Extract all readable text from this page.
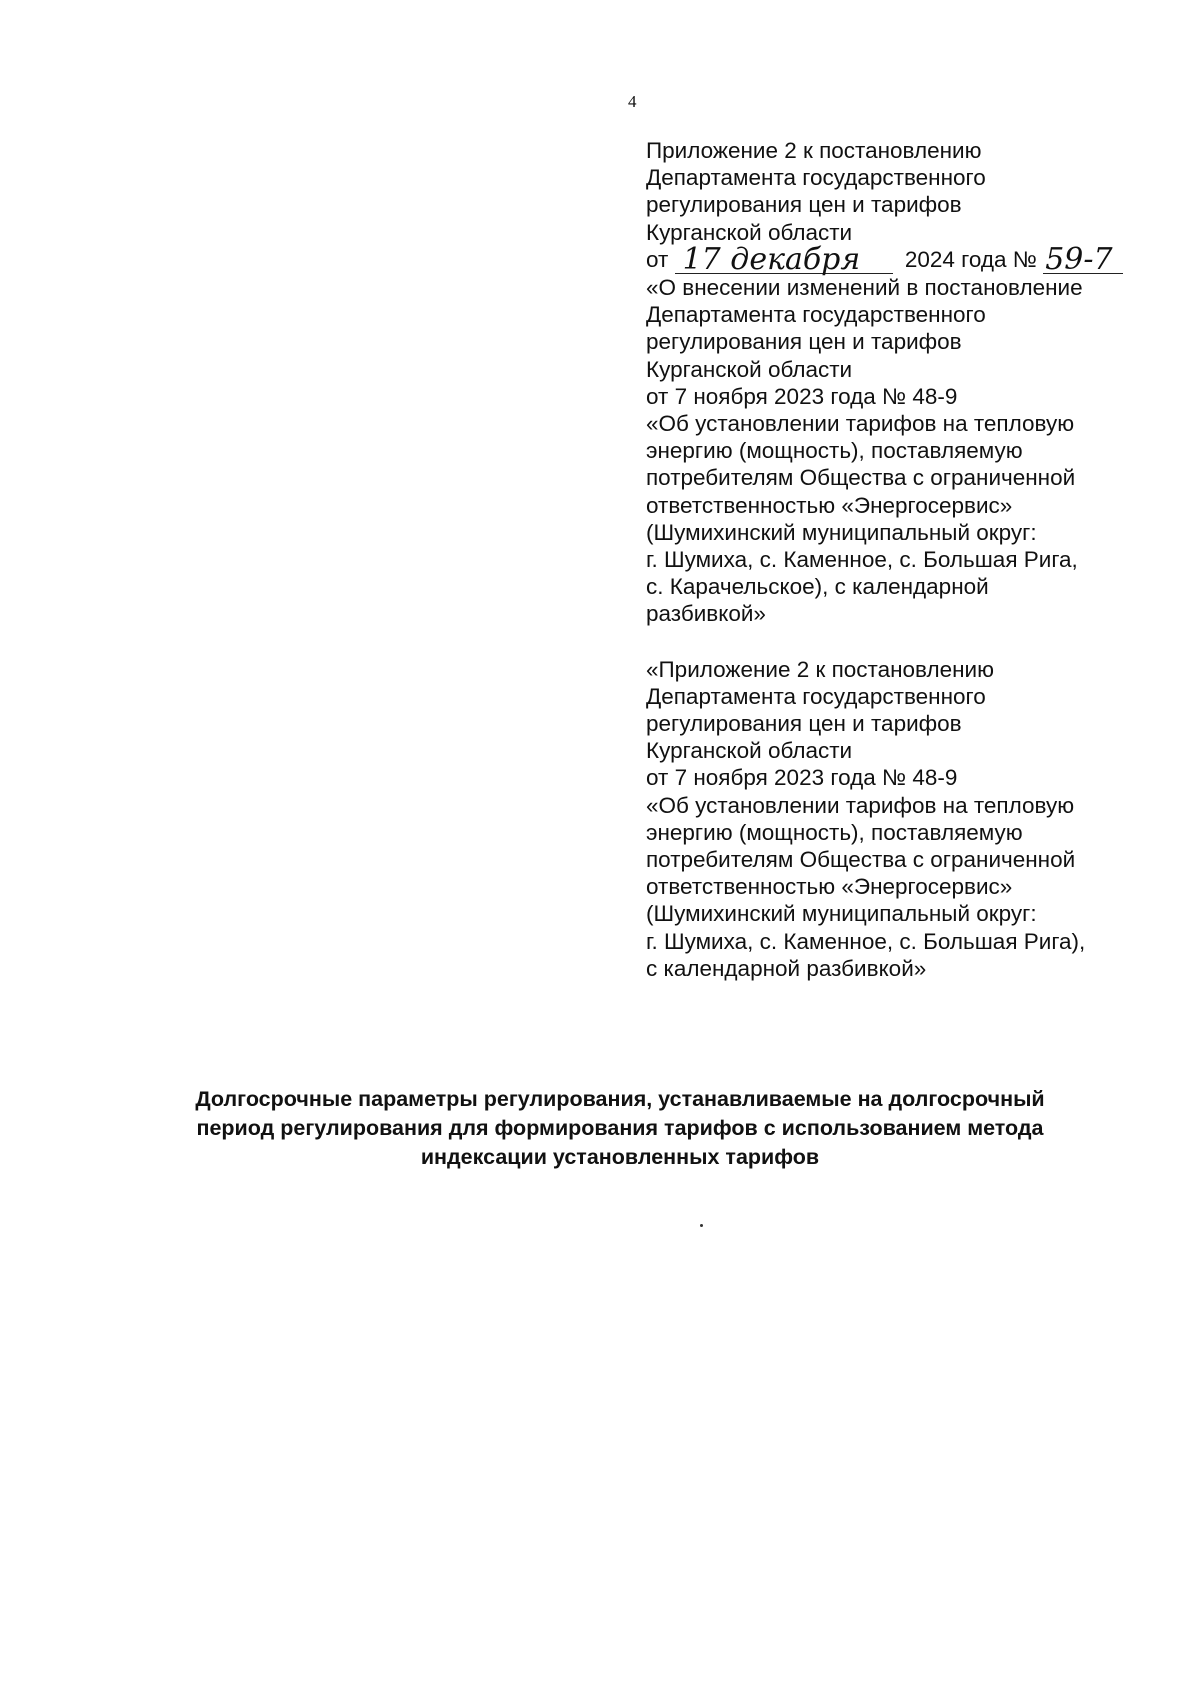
4
Приложение 2 к постановлению
Департамента государственного
регулирования цен и тарифов
Курганской области
от 17 декабря 2024 года № 59-7
«О внесении изменений в постановление
Департамента государственного
регулирования цен и тарифов
Курганской области
от 7 ноября 2023 года № 48-9
«Об установлении тарифов на тепловую
энергию (мощность), поставляемую
потребителям Общества с ограниченной
ответственностью «Энергосервис»
(Шумихинский муниципальный округ:
г. Шумиха, с. Каменное, с. Большая Рига,
с. Карачельское), с календарной
разбивкой»
«Приложение 2 к постановлению
Департамента государственного
регулирования цен и тарифов
Курганской области
от 7 ноября 2023 года № 48-9
«Об установлении тарифов на тепловую
энергию (мощность), поставляемую
потребителям Общества с ограниченной
ответственностью «Энергосервис»
(Шумихинский муниципальный округ:
г. Шумиха, с. Каменное, с. Большая Рига),
с календарной разбивкой»
Долгосрочные параметры регулирования, устанавливаемые на долгосрочный
период регулирования для формирования тарифов с использованием метода
индексации установленных тарифов
